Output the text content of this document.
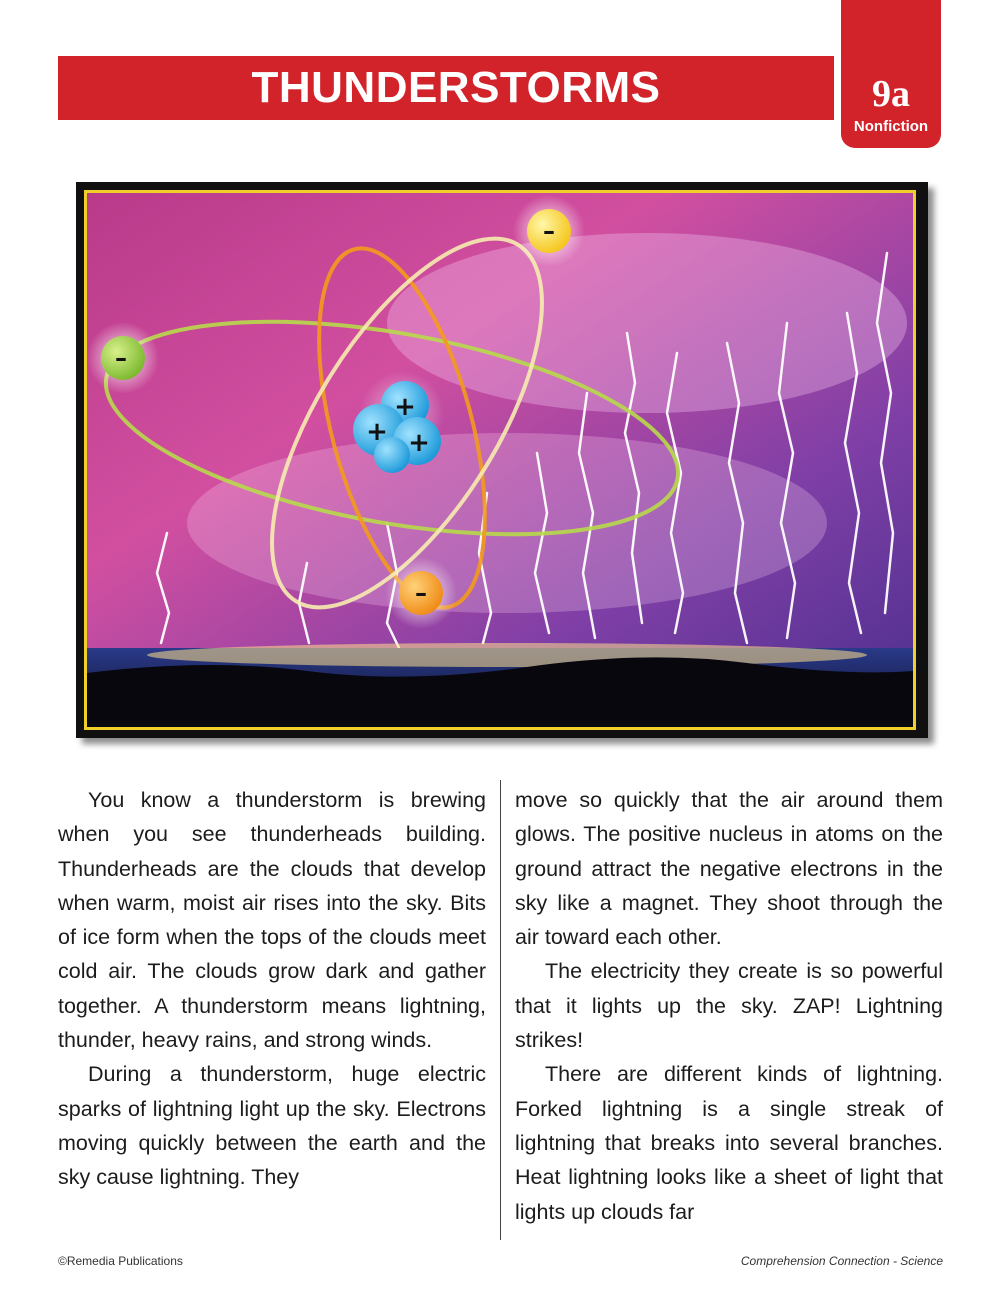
THUNDERSTORMS	9a
Nonfiction
+
+ +
–
–
–

You know a thunderstorm is brewing when you see thunderheads building. Thunderheads are the clouds that develop when warm, moist air rises into the sky. Bits of ice form when the tops of the clouds meet cold air. The clouds grow dark and gather together. A thunderstorm means lightning, thunder, heavy rains, and strong winds.

During a thunderstorm, huge electric sparks of lightning light up the sky. Electrons moving quickly between the earth and the sky cause lightning. They

move so quickly that the air around them glows. The positive nucleus in atoms on the ground attract the negative electrons in the sky like a magnet. They shoot through the air toward each other.

The electricity they create is so powerful that it lights up the sky. ZAP! Lightning strikes!

There are different kinds of lightning. Forked lightning is a single streak of lightning that breaks into several branches. Heat lightning looks like a sheet of light that lights up clouds far

©Remedia Publications	Comprehension Connection - Science
